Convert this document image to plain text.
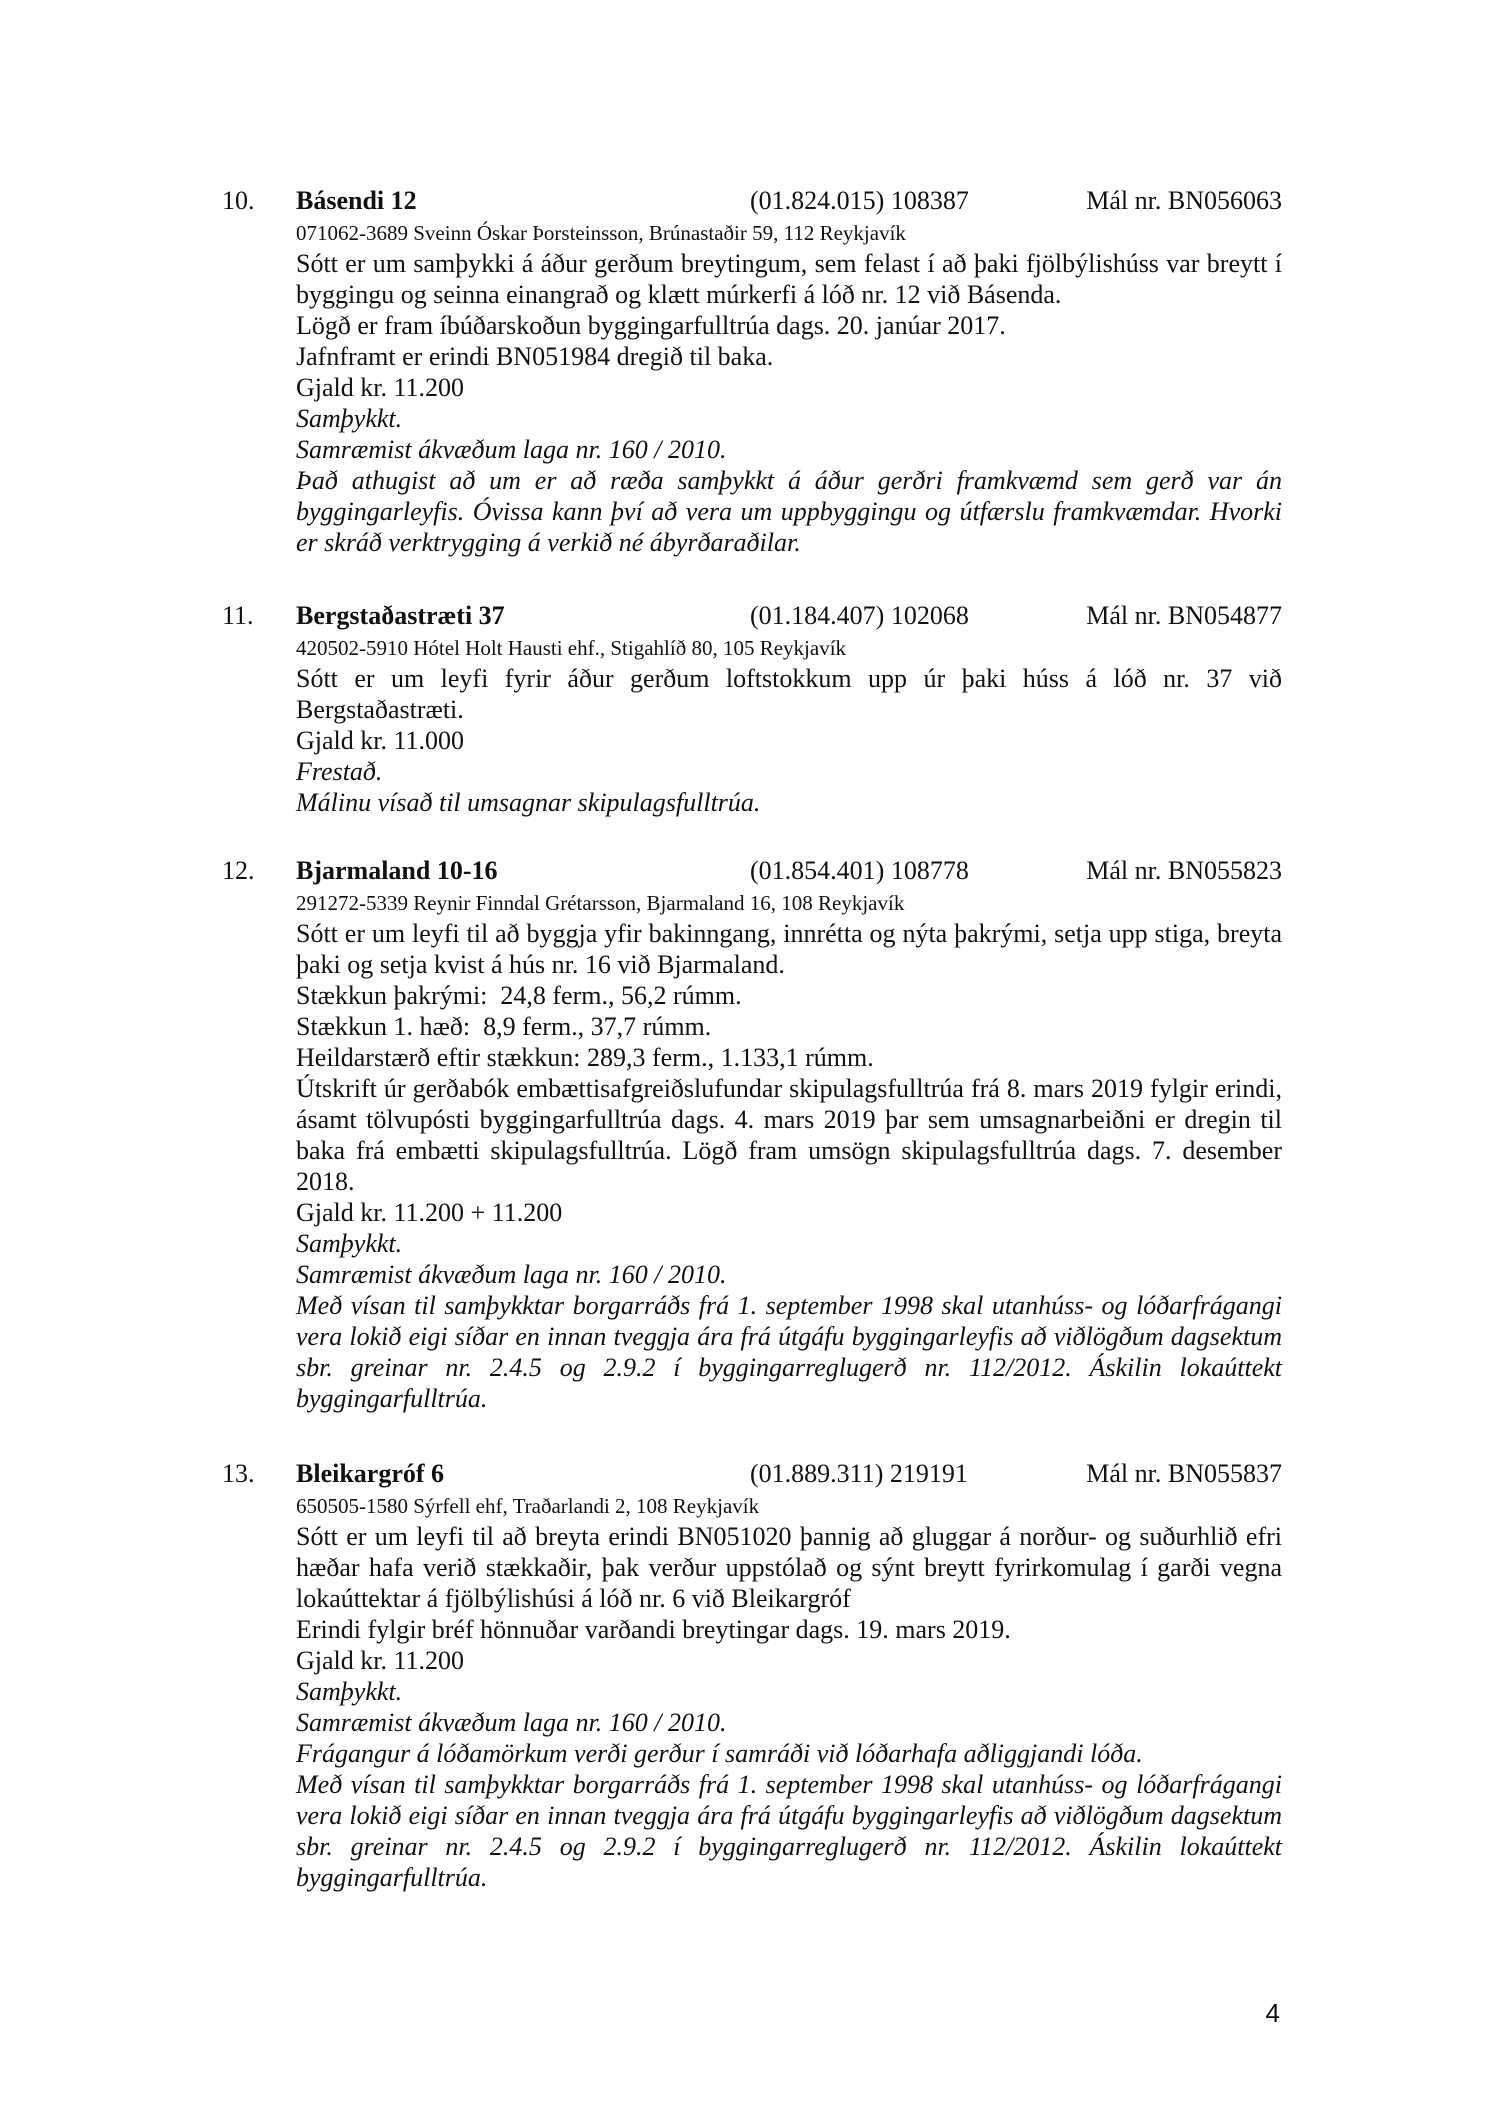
10. Básendi 12	(01.824.015) 108387	Mál nr. BN056063
071062-3689 Sveinn Óskar Þorsteinsson, Brúnastaðir 59, 112 Reykjavík
Sótt er um samþykki á áður gerðum breytingum, sem felast í að þaki fjölbýlishúss var breytt í byggingu og seinna einangrað og klætt múrkerfi á lóð nr. 12 við Básenda.
Lögð er fram íbúðarskoðun byggingarfulltrúa dags. 20. janúar 2017.
Jafnframt er erindi BN051984 dregið til baka.
Gjald kr. 11.200
Samþykkt.
Samræmist ákvæðum laga nr. 160 / 2010.
Það athugist að um er að ræða samþykkt á áður gerðri framkvæmd sem gerð var án byggingarleyfis. Óvissa kann því að vera um uppbyggingu og útfærslu framkvæmdar. Hvorki er skráð verktrygging á verkið né ábyrðaraðilar.
11. Bergstaðastræti 37	(01.184.407) 102068	Mál nr. BN054877
420502-5910 Hótel Holt Hausti ehf., Stigahlíð 80, 105 Reykjavík
Sótt er um leyfi fyrir áður gerðum loftstokkum upp úr þaki húss á lóð nr. 37 við Bergstaðastræti.
Gjald kr. 11.000
Frestað.
Málinu vísað til umsagnar skipulagsfulltrúa.
12. Bjarmaland 10-16	(01.854.401) 108778	Mál nr. BN055823
291272-5339 Reynir Finndal Grétarsson, Bjarmaland 16, 108 Reykjavík
Sótt er um leyfi til að byggja yfir bakinngang, innrétta og nýta þakrými, setja upp stiga, breyta þaki og setja kvist á hús nr. 16 við Bjarmaland.
Stækkun þakrými:  24,8 ferm., 56,2 rúmm.
Stækkun 1. hæð:  8,9 ferm., 37,7 rúmm.
Heildarstærð eftir stækkun: 289,3 ferm., 1.133,1 rúmm.
Útskrift úr gerðabók embættisafgreiðslufundar skipulagsfulltrúa frá 8. mars 2019 fylgir erindi, ásamt tölvupósti byggingarfulltrúa dags. 4. mars 2019 þar sem umsagnarbeiðni er dregin til baka frá embætti skipulagsfulltrúa. Lögð fram umsögn skipulagsfulltrúa dags. 7. desember 2018.
Gjald kr. 11.200 + 11.200
Samþykkt.
Samræmist ákvæðum laga nr. 160 / 2010.
Með vísan til samþykktar borgarráðs frá 1. september 1998 skal utanhúss- og lóðarfrágangi vera lokið eigi síðar en innan tveggja ára frá útgáfu byggingarleyfis að viðlögðum dagsektum sbr. greinar nr. 2.4.5 og 2.9.2 í byggingarreglugerð nr. 112/2012. Áskilin lokaúttekt byggingarfulltrúa.
13. Bleikargróf 6	(01.889.311) 219191	Mál nr. BN055837
650505-1580 Sýrfell ehf, Traðarlandi 2, 108 Reykjavík
Sótt er um leyfi til að breyta erindi BN051020 þannig að gluggar á norður- og suðurhlið efri hæðar hafa verið stækkaðir, þak verður uppstólað og sýnt breytt fyrirkomulag í garði vegna lokaúttektar á fjölbýlishúsi á lóð nr. 6 við Bleikargróf
Erindi fylgir bréf hönnuðar varðandi breytingar dags. 19. mars 2019.
Gjald kr. 11.200
Samþykkt.
Samræmist ákvæðum laga nr. 160 / 2010.
Frágangur á lóðamörkum verði gerður í samráði við lóðarhafa aðliggjandi lóða.
Með vísan til samþykktar borgarráðs frá 1. september 1998 skal utanhúss- og lóðarfrágangi vera lokið eigi síðar en innan tveggja ára frá útgáfu byggingarleyfis að viðlögðum dagsektum sbr. greinar nr. 2.4.5 og 2.9.2 í byggingarreglugerð nr. 112/2012. Áskilin lokaúttekt byggingarfulltrúa.
4
